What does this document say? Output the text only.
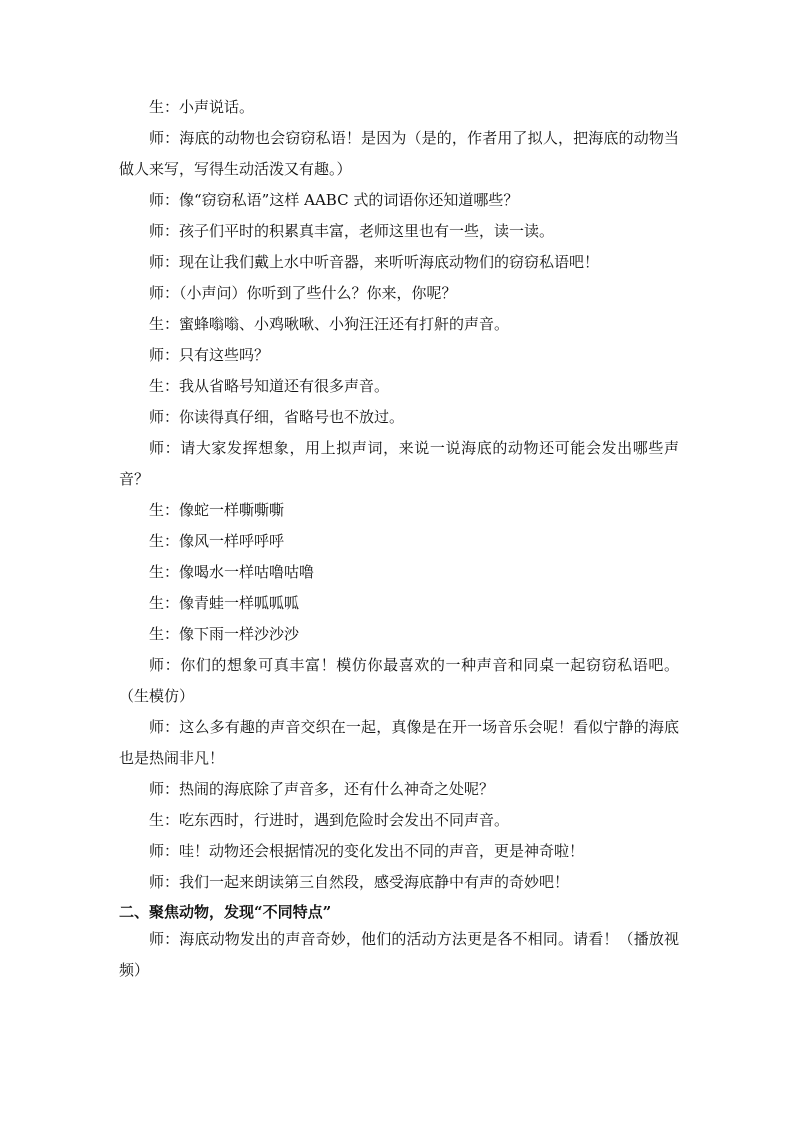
生：小声说话。

师：海底的动物也会窃窃私语！是因为（是的，作者用了拟人，把海底的动物当做人来写，写得生动活泼又有趣。）

师：像“窃窃私语”这样 AABC 式的词语你还知道哪些？

师：孩子们平时的积累真丰富，老师这里也有一些，读一读。

师：现在让我们戴上水中听音器，来听听海底动物们的窃窃私语吧！

师：（小声问）你听到了些什么？你来，你呢？

生：蜜蜂嗡嗡、小鸡啾啾、小狗汪汪还有打鼾的声音。

师：只有这些吗？

生：我从省略号知道还有很多声音。

师：你读得真仔细，省略号也不放过。

师：请大家发挥想象，用上拟声词，来说一说海底的动物还可能会发出哪些声音？

生：像蛇一样嘶嘶嘶

生：像风一样呼呼呼

生：像喝水一样咕噜咕噜

生：像青蛙一样呱呱呱

生：像下雨一样沙沙沙

师：你们的想象可真丰富！模仿你最喜欢的一种声音和同桌一起窃窃私语吧。（生模仿）

师：这么多有趣的声音交织在一起，真像是在开一场音乐会呢！看似宁静的海底也是热闹非凡！

师：热闹的海底除了声音多，还有什么神奇之处呢？

生：吃东西时，行进时，遇到危险时会发出不同声音。

师：哇！动物还会根据情况的变化发出不同的声音，更是神奇啦！

师：我们一起来朗读第三自然段，感受海底静中有声的奇妙吧！

二、聚焦动物，发现“不同特点”

师：海底动物发出的声音奇妙，他们的活动方法更是各不相同。请看！（播放视频）
